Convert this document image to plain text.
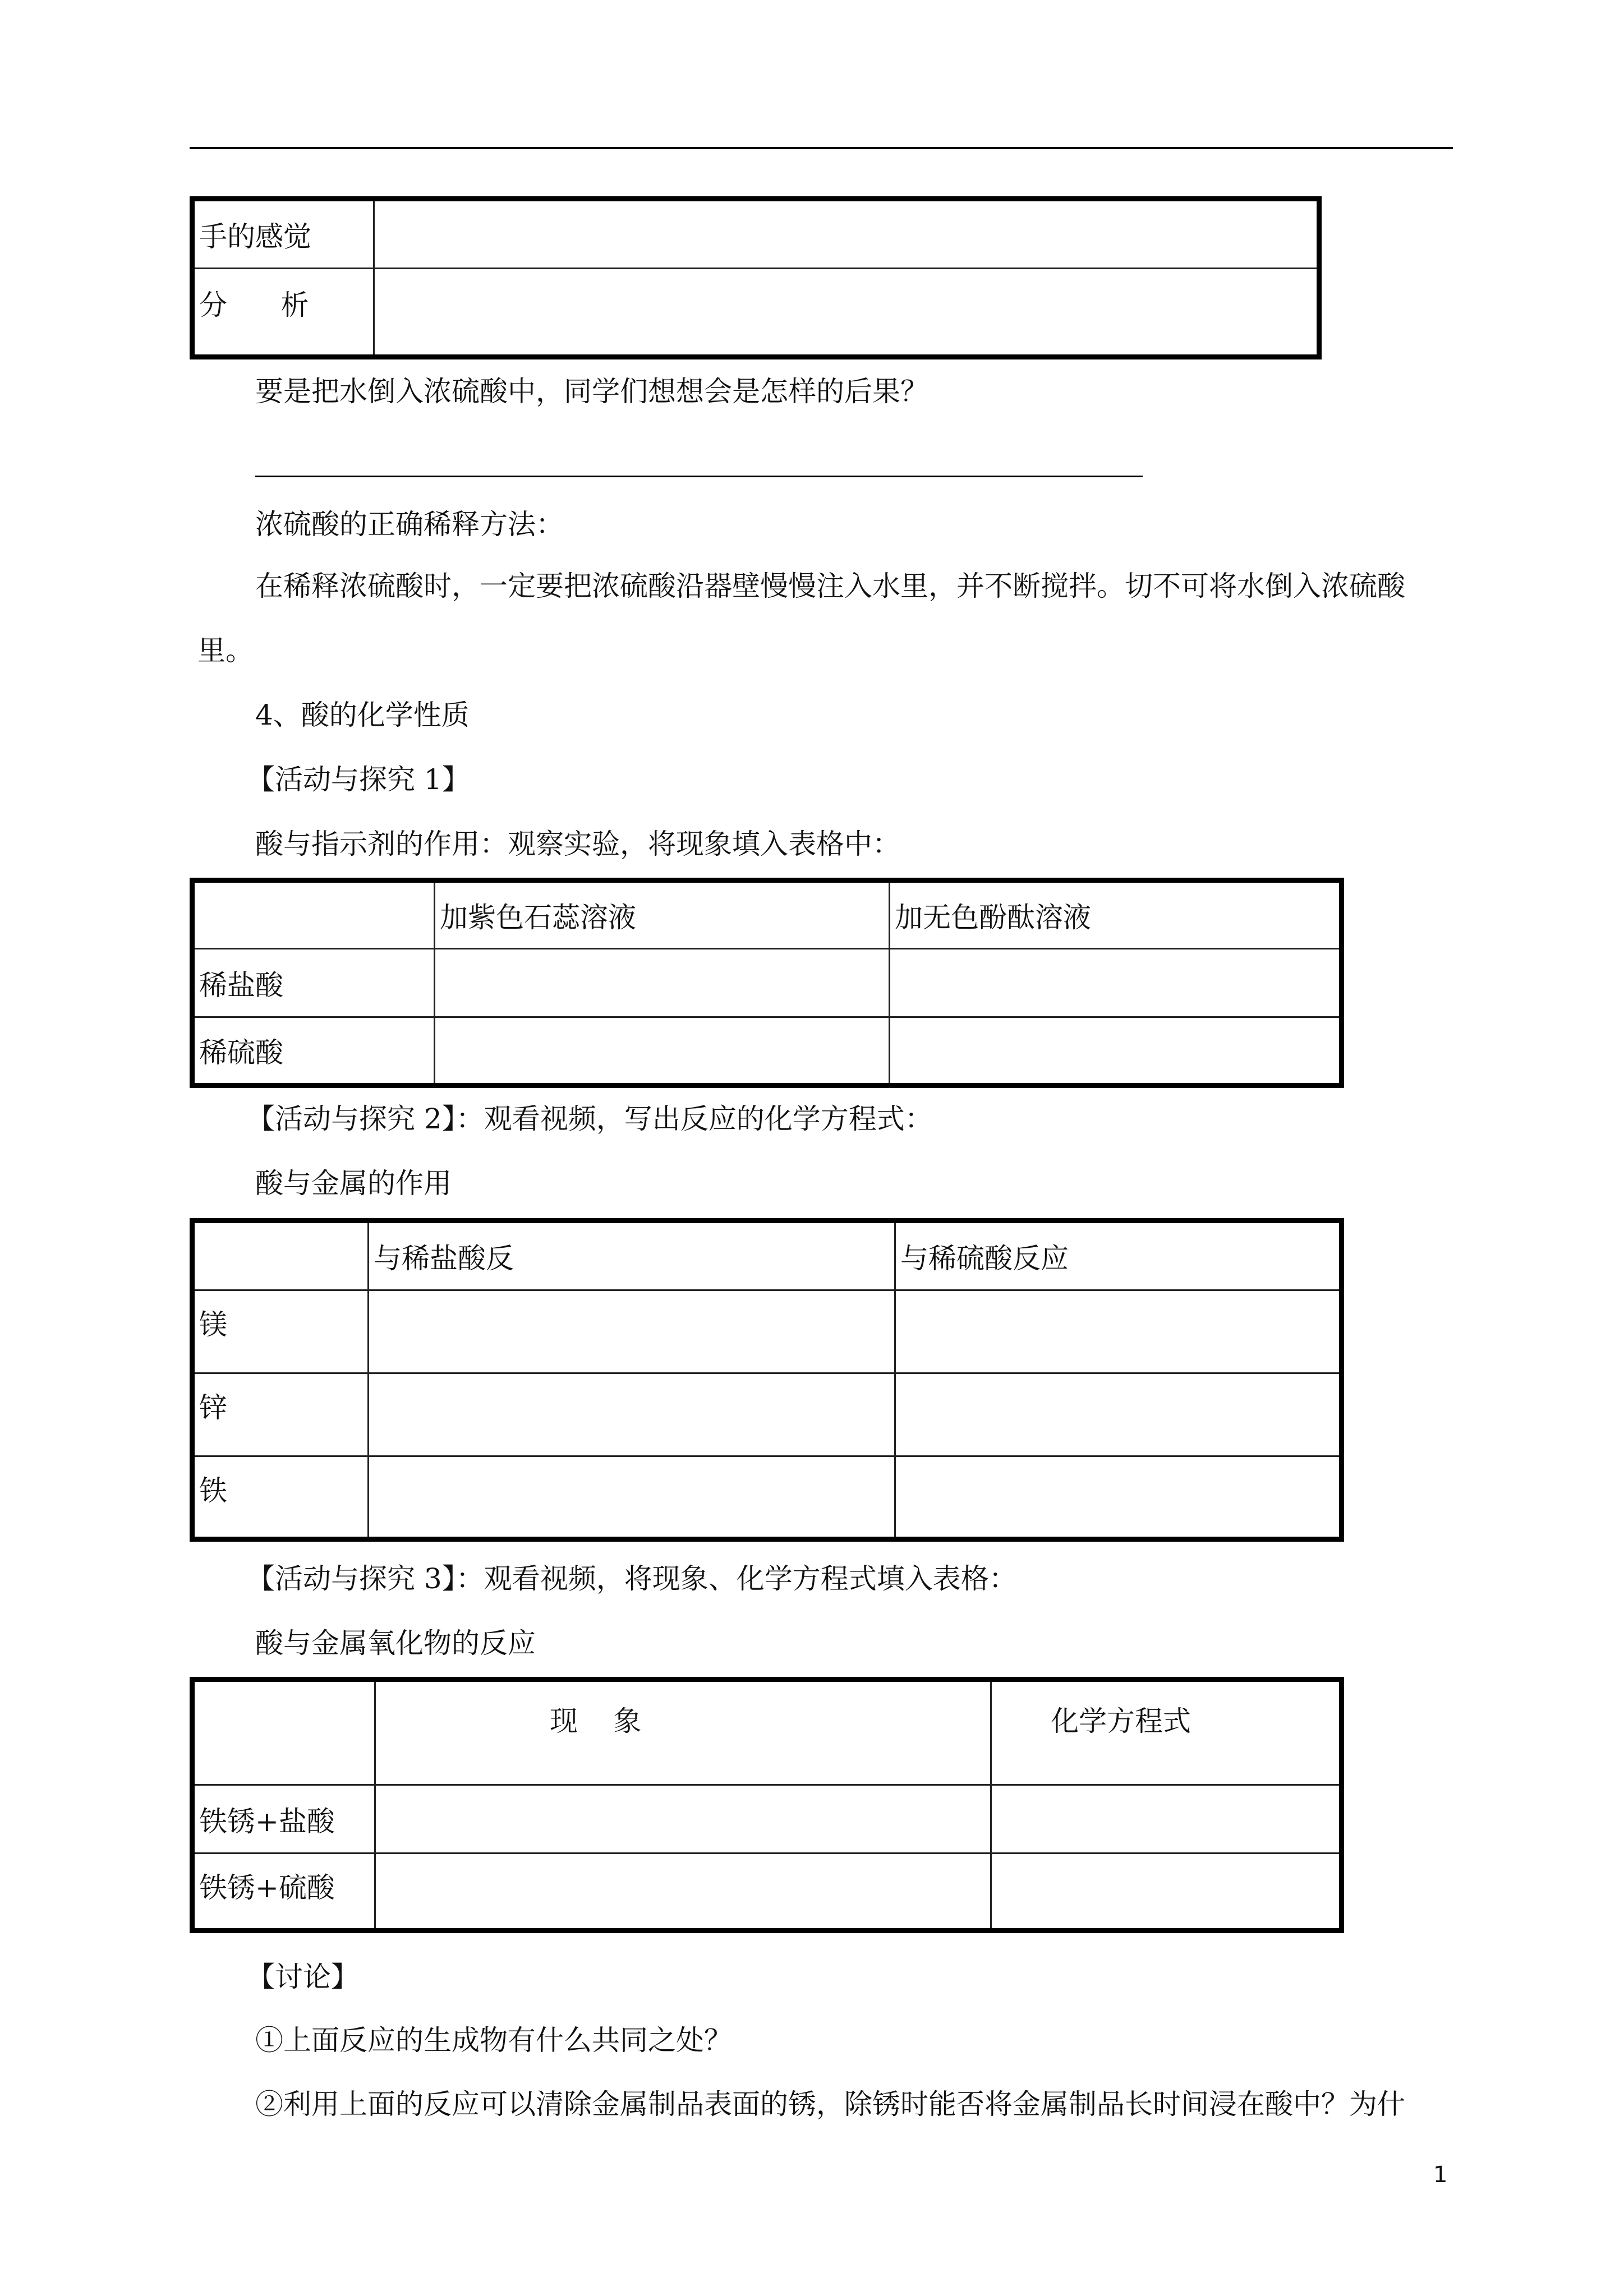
手的感觉	
分      析	
要是把水倒入浓硫酸中，同学们想想会是怎样的后果？
浓硫酸的正确稀释方法：
在稀释浓硫酸时，一定要把浓硫酸沿器壁慢慢注入水里，并不断搅拌。切不可将水倒入浓硫酸
里。
4、酸的化学性质
【活动与探究 1】
酸与指示剂的作用：观察实验，将现象填入表格中：
	加紫色石蕊溶液	加无色酚酞溶液
稀盐酸		
稀硫酸		
【活动与探究 2】：观看视频，写出反应的化学方程式：
酸与金属的作用
	与稀盐酸反	与稀硫酸反应
镁		
锌		
铁		
【活动与探究 3】：观看视频，将现象、化学方程式填入表格：
酸与金属氧化物的反应
	现    象	化学方程式
铁锈+盐酸		
铁锈+硫酸		
【讨论】
①上面反应的生成物有什么共同之处？
②利用上面的反应可以清除金属制品表面的锈，除锈时能否将金属制品长时间浸在酸中？为什
1
